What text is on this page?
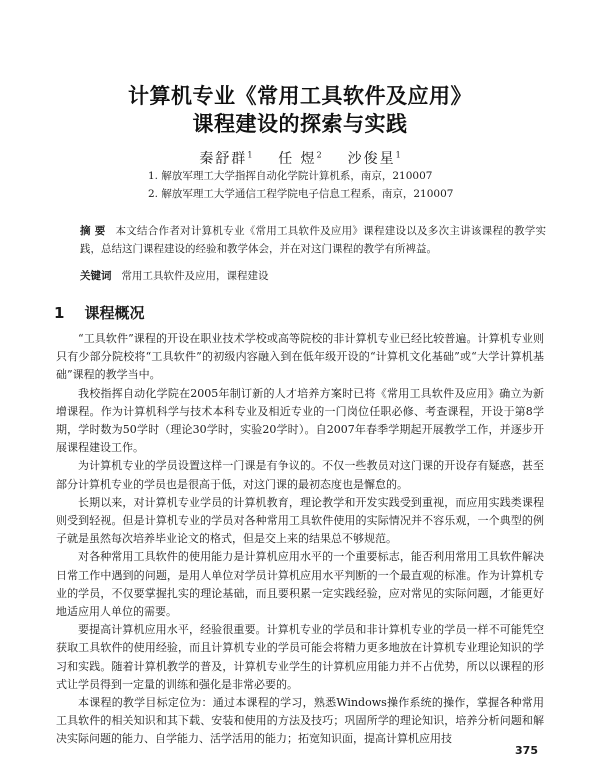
计算机专业《常用工具软件及应用》
课程建设的探索与实践
秦舒群$^1$ 任 煜$^2$ 沙俊星$^1$
1. 解放军理工大学指挥自动化学院计算机系，南京，210007
2. 解放军理工大学通信工程学院电子信息工程系，南京，210007
摘 要 本文结合作者对计算机专业《常用工具软件及应用》课程建设以及多次主讲该课程的教学实践，总结这门课程建设的经验和教学体会，并在对这门课程的教学有所裨益。
关键词 常用工具软件及应用，课程建设
1 课程概况

“工具软件”课程的开设在职业技术学校或高等院校的非计算机专业已经比较普遍。计算机专业则只有少部分院校将“工具软件”的初级内容融入到在低年级开设的“计算机文化基础”或“大学计算机基础”课程的教学当中。

我校指挥自动化学院在2005年制订新的人才培养方案时已将《常用工具软件及应用》确立为新增课程。作为计算机科学与技术本科专业及相近专业的一门岗位任职必修、考查课程，开设于第8学期，学时数为50学时（理论30学时，实验20学时）。自2007年春季学期起开展教学工作，并逐步开展课程建设工作。

为计算机专业的学员设置这样一门课是有争议的。不仅一些教员对这门课的开设存有疑惑，甚至部分计算机专业的学员也是很高于低，对这门课的最初态度也是懈怠的。

长期以来，对计算机专业学员的计算机教育，理论教学和开发实践受到重视，而应用实践类课程则受到轻视。但是计算机专业的学员对各种常用工具软件使用的实际情况并不容乐观，一个典型的例子就是虽然每次培养毕业论文的格式，但是交上来的结果总不够规范。

对各种常用工具软件的使用能力是计算机应用水平的一个重要标志，能否利用常用工具软件解决日常工作中遇到的问题，是用人单位对学员计算机应用水平判断的一个最直观的标准。作为计算机专业的学员，不仅要掌握扎实的理论基础，而且要积累一定实践经验，应对常见的实际问题，才能更好地适应用人单位的需要。

要提高计算机应用水平，经验很重要。计算机专业的学员和非计算机专业的学员一样不可能凭空获取工具软件的使用经验，而且计算机专业的学员可能会将精力更多地放在计算机专业理论知识的学习和实践。随着计算机教学的普及，计算机专业学生的计算机应用能力并不占优势，所以以课程的形式让学员得到一定量的训练和强化是非常必要的。

本课程的教学目标定位为：通过本课程的学习，熟悉Windows操作系统的操作，掌握各种常用工具软件的相关知识和其下载、安装和使用的方法及技巧；巩固所学的理论知识，培养分析问题和解决实际问题的能力、自学能力、活学活用的能力；拓宽知识面，提高计算机应用技

375
